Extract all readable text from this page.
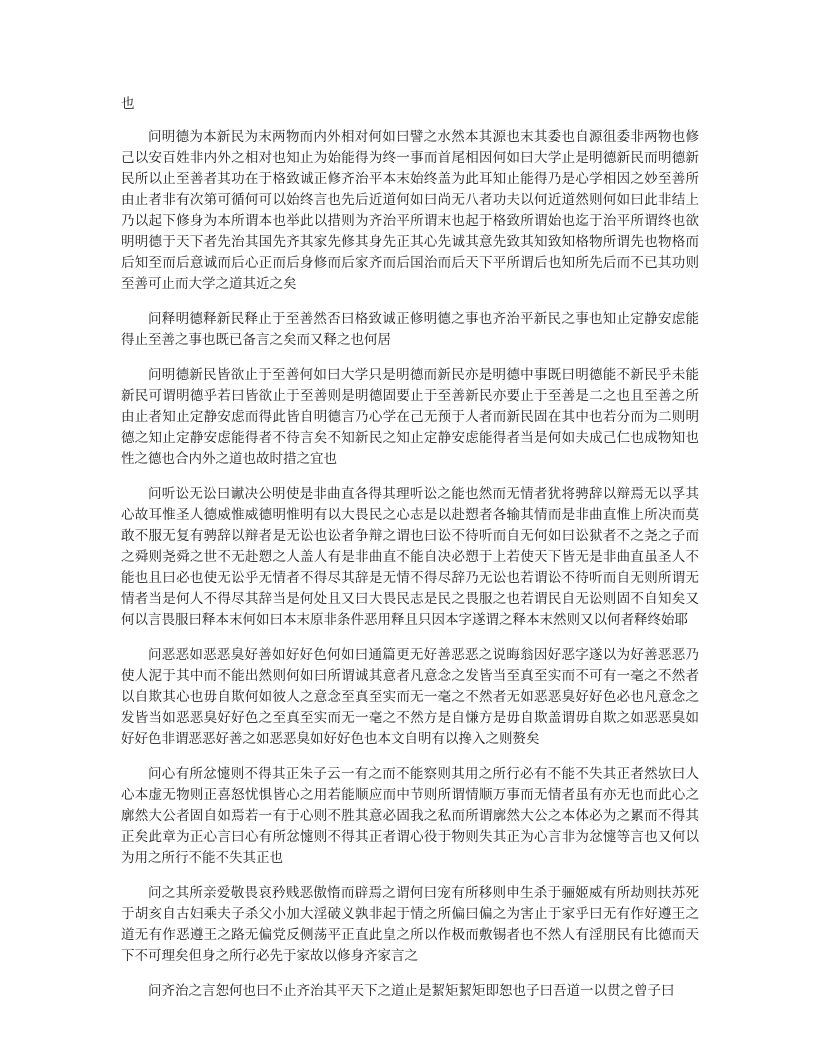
也

问明德为本新民为末两物而内外相对何如曰譬之水然本其源也末其委也自源徂委非两物也修己以安百姓非内外之相对也知止为始能得为终一事而首尾相因何如曰大学止是明德新民而明德新民所以止至善者其功在于格致诚正修齐治平本末始终盖为此耳知止能得乃是心学相因之妙至善所由止者非有次第可循何可以始终言也先后近道何如曰尚无八者功夫以何近道然则何如曰此非结上乃以起下修身为本所谓本也举此以措则为齐治平所谓末也起于格致所谓始也迄于治平所谓终也欲明明德于天下者先治其国先齐其家先修其身先正其心先诚其意先致其知致知格物所谓先也物格而后知至而后意诚而后心正而后身修而后家齐而后国治而后天下平所谓后也知所先后而不已其功则至善可止而大学之道其近之矣

问释明德释新民释止于至善然否曰格致诚正修明德之事也齐治平新民之事也知止定静安虑能得止至善之事也既已备言之矣而又释之也何居

问明德新民皆欲止于至善何如曰大学只是明德而新民亦是明德中事既曰明德能不新民乎未能新民可谓明德乎若曰皆欲止于至善则是明德固要止于至善新民亦要止于至善是二之也且至善之所由止者知止定静安虑而得此皆自明德言乃心学在己无预于人者而新民固在其中也若分而为二则明德之知止定静安虑能得者不待言矣不知新民之知止定静安虑能得者当是何如夫成己仁也成物知也性之德也合内外之道也故时措之宜也

问听讼无讼曰谳决公明使是非曲直各得其理听讼之能也然而无情者犹将骋辞以辩焉无以孚其心故耳惟圣人德威惟威德明惟明有以大畏民之心志是以赴愬者各输其情而是非曲直惟上所决而莫敢不服无复有骋辞以辩者是无讼也讼者争辩之谓也曰讼不待听而自无何如曰讼狱者不之尧之子而之舜则尧舜之世不无赴愬之人盖人有是非曲直不能自决必愬于上若使天下皆无是非曲直虽圣人不能也且曰必也使无讼乎无情者不得尽其辞是无情不得尽辞乃无讼也若谓讼不待听而自无则所谓无情者当是何人不得尽其辞当是何处且又曰大畏民志是民之畏服之也若谓民自无讼则固不自知矣又何以言畏服曰释本末何如曰本末原非条件恶用释且只因本字遂谓之释本末然则又以何者释终始耶

问恶恶如恶恶臭好善如好好色何如曰通篇更无好善恶恶之说晦翁因好恶字遂以为好善恶恶乃使人泥于其中而不能出然则何如曰所谓诚其意者凡意念之发皆当至真至实而不可有一毫之不然者以自欺其心也毋自欺何如彼人之意念至真至实而无一毫之不然者无如恶恶臭好好色必也凡意念之发皆当如恶恶臭好好色之至真至实而无一毫之不然方是自慊方是毋自欺盖谓毋自欺之如恶恶臭如好好色非谓恶恶好善之如恶恶臭如好好色也本文自明有以搀入之则赘矣

问心有所忿懥则不得其正朱子云一有之而不能察则其用之所行必有不能不失其正者然欤曰人心本虚无物则正喜怒忧惧皆心之用若能顺应而中节则所谓情顺万事而无情者虽有亦无也而此心之廓然大公者固自如焉若一有于心则不胜其意必固我之私而所谓廓然大公之本体必为之累而不得其正矣此章为正心言曰心有所忿懥则不得其正者谓心役于物则失其正为心言非为忿懥等言也又何以为用之所行不能不失其正也

问之其所亲爱敬畏哀矜贱恶傲惰而辟焉之谓何曰宠有所移则申生杀于骊姬威有所劫则扶苏死于胡亥自古妇乘夫子杀父小加大淫破义孰非起于情之所偏曰偏之为害止于家乎曰无有作好遵王之道无有作恶遵王之路无偏党反侧荡平正直此皇之所以作极而敷锡者也不然人有淫朋民有比德而天下不可理矣但身之所行必先于家故以修身齐家言之

问齐治之言恕何也曰不止齐治其平天下之道止是絜矩絜矩即恕也子曰吾道一以贯之曾子曰
